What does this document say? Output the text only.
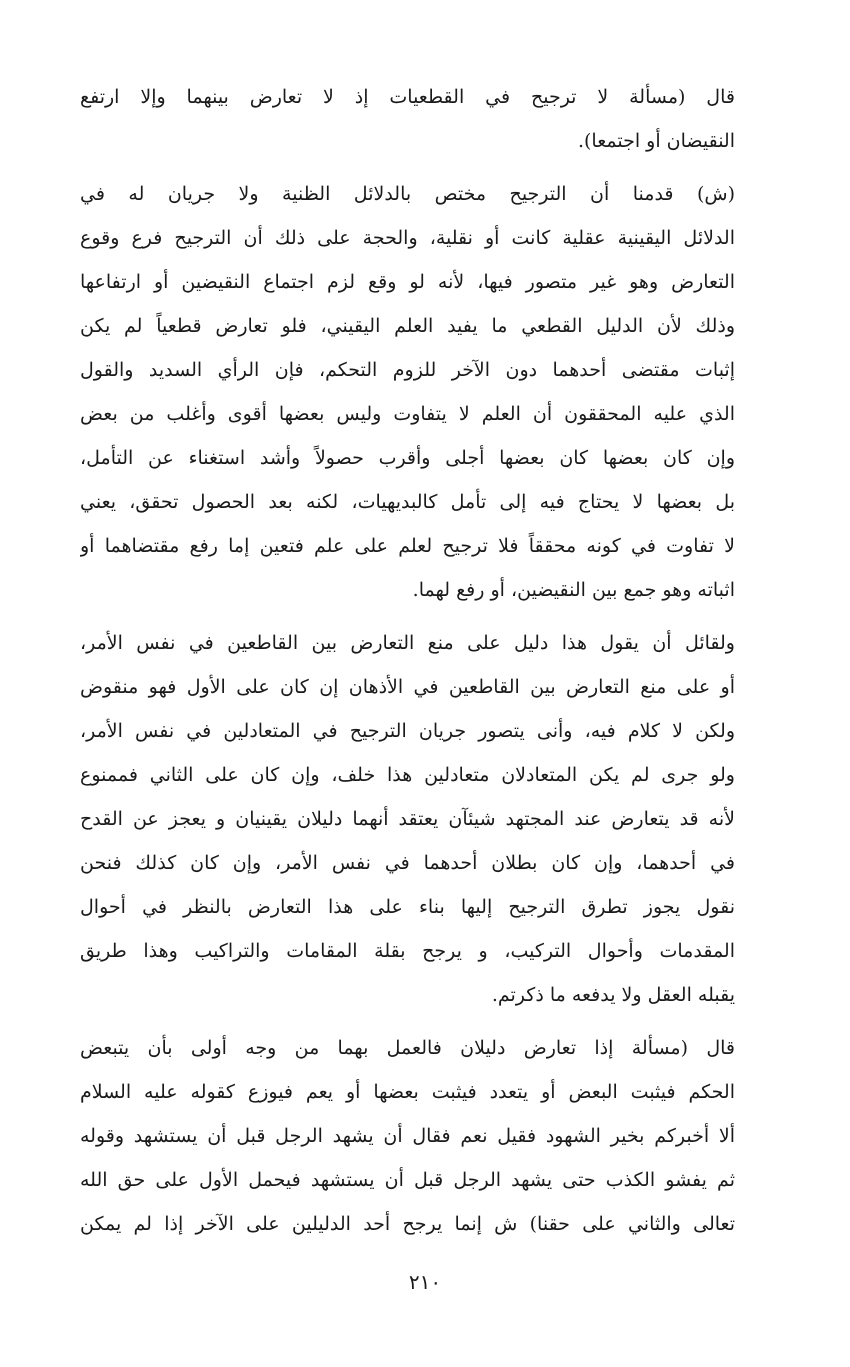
قال (مسألة لا ترجيح في القطعيات إذ لا تعارض بينهما وإلا ارتفع
النقيضان أو اجتمعا).
(ش) قدمنا أن الترجيح مختص بالدلائل الظنية ولا جريان له في
الدلائل اليقينية عقلية كانت أو نقلية، والحجة على ذلك أن الترجيح فرع وقوع
التعارض وهو غير متصور فيها، لأنه لو وقع لزم اجتماع النقيضين أو ارتفاعها
وذلك لأن الدليل القطعي ما يفيد العلم اليقيني، فلو تعارض قطعياً لم يكن
إثبات مقتضى أحدهما دون الآخر للزوم التحكم، فإن الرأي السديد والقول
الذي عليه المحققون أن العلم لا يتفاوت وليس بعضها أقوى وأغلب من بعض
وإن كان بعضها كان بعضها أجلى وأقرب حصولاً وأشد استغناء عن التأمل،
بل بعضها لا يحتاج فيه إلى تأمل كالبديهيات، لكنه بعد الحصول تحقق، يعني
لا تفاوت في كونه محققاً فلا ترجيح لعلم على علم فتعين إما رفع مقتضاهما أو
اثباته وهو جمع بين النقيضين، أو رفع لهما.
ولقائل أن يقول هذا دليل على منع التعارض بين القاطعين في نفس الأمر،
أو على منع التعارض بين القاطعين في الأذهان إن كان على الأول فهو منقوض
ولكن لا كلام فيه، وأنى يتصور جريان الترجيح في المتعادلين في نفس الأمر،
ولو جرى لم يكن المتعادلان متعادلين هذا خلف، وإن كان على الثاني فممنوع
لأنه قد يتعارض عند المجتهد شيئآن يعتقد أنهما دليلان يقينيان و يعجز عن القدح
في أحدهما، وإن كان بطلان أحدهما في نفس الأمر، وإن كان كذلك فنحن
نقول يجوز تطرق الترجيح إليها بناء على هذا التعارض بالنظر في أحوال
المقدمات وأحوال التركيب، و يرجح بقلة المقامات والتراكيب وهذا طريق
يقبله العقل ولا يدفعه ما ذكرتم.
قال (مسألة إذا تعارض دليلان فالعمل بهما من وجه أولى بأن يتبعض
الحكم فيثبت البعض أو يتعدد فيثبت بعضها أو يعم فيوزع كقوله عليه السلام
ألا أخبركم بخير الشهود فقيل نعم فقال أن يشهد الرجل قبل أن يستشهد وقوله
ثم يفشو الكذب حتى يشهد الرجل قبل أن يستشهد فيحمل الأول على حق الله
تعالى والثاني على حقنا) ش إنما يرجح أحد الدليلين على الآخر إذا لم يمكن
٢١٠
